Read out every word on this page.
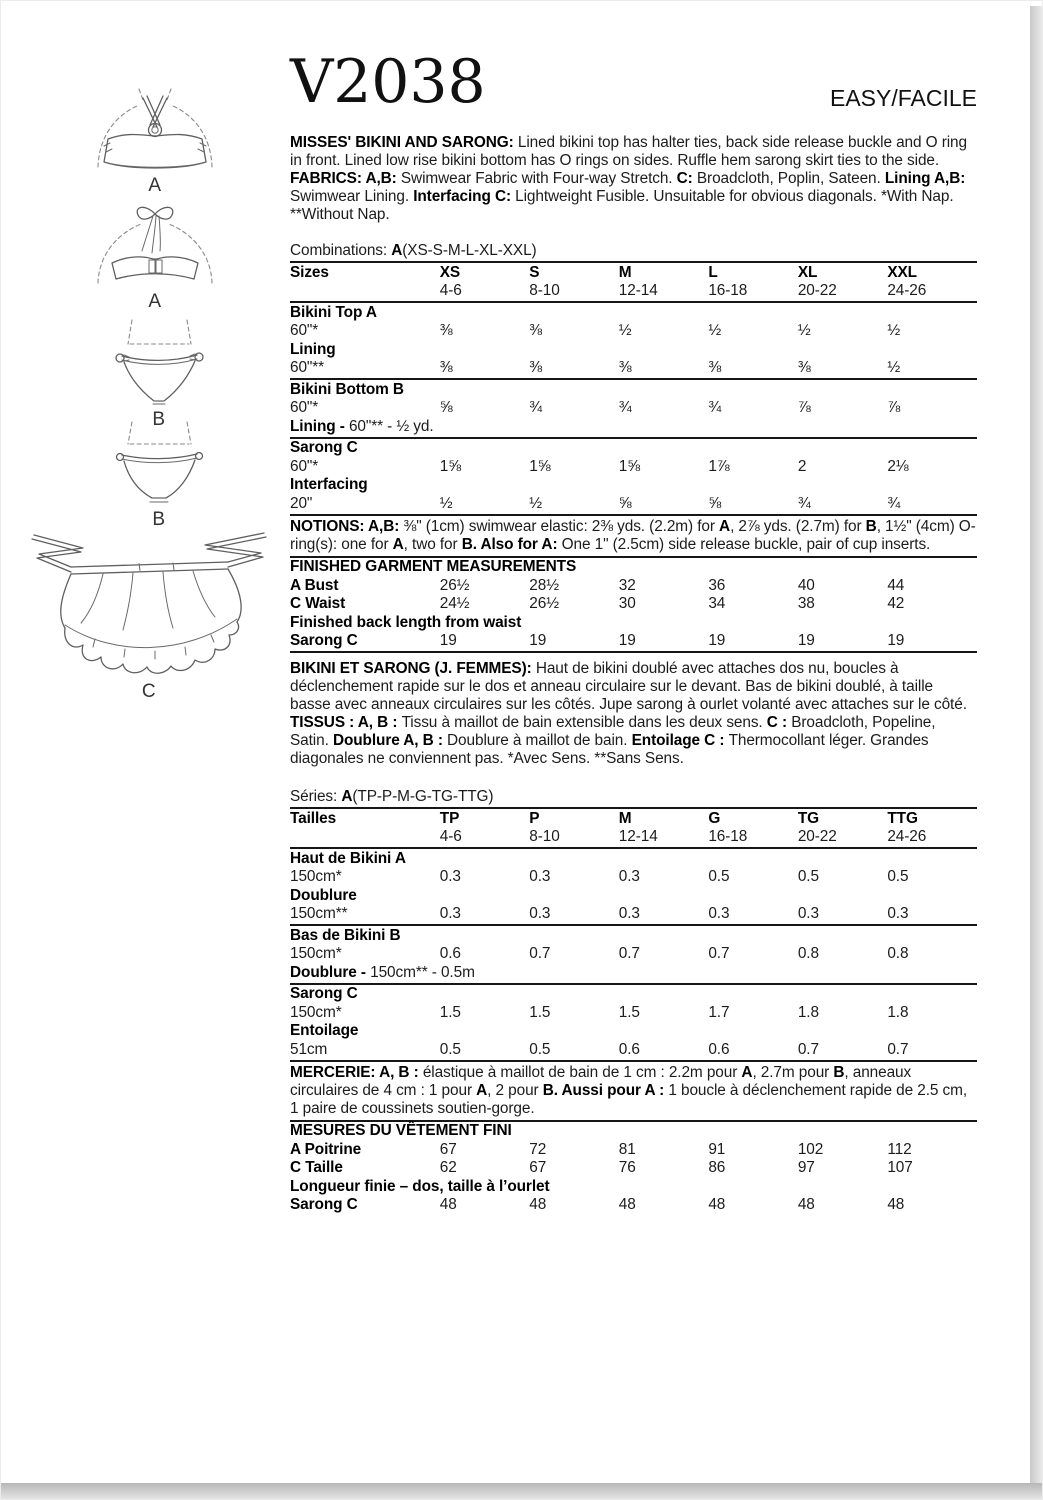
A
A
B
B
C
V2038	EASY/FACILE

MISSES' BIKINI AND SARONG: Lined bikini top has halter ties, back side release buckle and O ring in front. Lined low rise bikini bottom has O rings on sides. Ruffle hem sarong skirt ties to the side. FABRICS: A,B: Swimwear Fabric with Four-way Stretch. C: Broadcloth, Poplin, Sateen. Lining A,B: Swimwear Lining. Interfacing C: Lightweight Fusible. Unsuitable for obvious diagonals. *With Nap. **Without Nap.

Combinations: A(XS-S-M-L-XL-XXL)
Sizes	XS	S	M	L	XL	XXL
4-6	8-10	12-14	16-18	20-22	24-26
Bikini Top A
60"*	⅜	⅜	½	½	½	½
Lining
60"**	⅜	⅜	⅜	⅜	⅜	½
Bikini Bottom B
60"*	⅝	¾	¾	¾	⅞	⅞
Lining - 60"** - ½ yd.
Sarong C
60"*	1⅝	1⅝	1⅝	1⅞	2	2⅛
Interfacing
20"	½	½	⅝	⅝	¾	¾

NOTIONS: A,B: ⅜" (1cm) swimwear elastic: 2⅜ yds. (2.2m) for A, 2⅞ yds. (2.7m) for B, 1½" (4cm) O-ring(s): one for A, two for B. Also for A: One 1" (2.5cm) side release buckle, pair of cup inserts.

FINISHED GARMENT MEASUREMENTS
A Bust	26½	28½	32	36	40	44
C Waist	24½	26½	30	34	38	42
Finished back length from waist
Sarong C	19	19	19	19	19	19

BIKINI ET SARONG (J. FEMMES): Haut de bikini doublé avec attaches dos nu, boucles à déclenchement rapide sur le dos et anneau circulaire sur le devant. Bas de bikini doublé, à taille basse avec anneaux circulaires sur les côtés. Jupe sarong à ourlet volanté avec attaches sur le côté. TISSUS : A, B : Tissu à maillot de bain extensible dans les deux sens. C : Broadcloth, Popeline, Satin. Doublure A, B : Doublure à maillot de bain. Entoilage C : Thermocollant léger. Grandes diagonales ne conviennent pas. *Avec Sens. **Sans Sens.

Séries: A(TP-P-M-G-TG-TTG)
Tailles	TP	P	M	G	TG	TTG
4-6	8-10	12-14	16-18	20-22	24-26
Haut de Bikini A
150cm*	0.3	0.3	0.3	0.5	0.5	0.5
Doublure
150cm**	0.3	0.3	0.3	0.3	0.3	0.3
Bas de Bikini B
150cm*	0.6	0.7	0.7	0.7	0.8	0.8
Doublure - 150cm** - 0.5m
Sarong C
150cm*	1.5	1.5	1.5	1.7	1.8	1.8
Entoilage
51cm	0.5	0.5	0.6	0.6	0.7	0.7

MERCERIE: A, B : élastique à maillot de bain de 1 cm : 2.2m pour A, 2.7m pour B, anneaux circulaires de 4 cm : 1 pour A, 2 pour B. Aussi pour A : 1 boucle à déclenchement rapide de 2.5 cm, 1 paire de coussinets soutien-gorge.

MESURES DU VÊTEMENT FINI
A Poitrine	67	72	81	91	102	112
C Taille	62	67	76	86	97	107
Longueur finie – dos, taille à l’ourlet
Sarong C	48	48	48	48	48	48
